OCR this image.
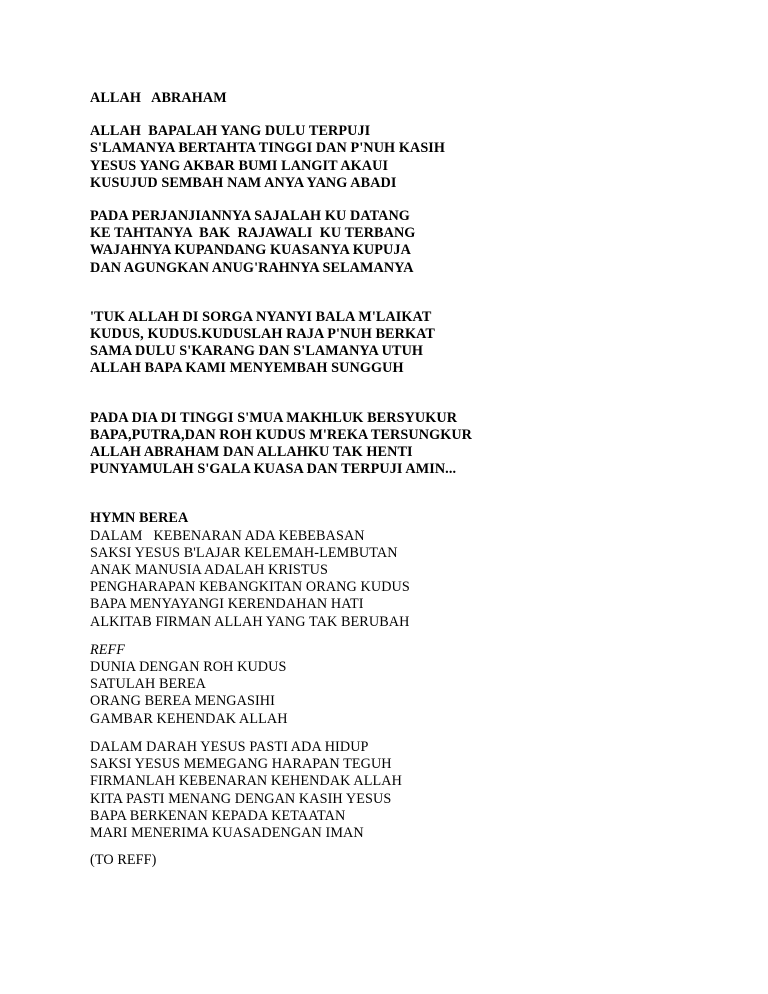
ALLAH   ABRAHAM
ALLAH  BAPALAH YANG DULU TERPUJI
S'LAMANYA BERTAHTA TINGGI DAN P'NUH KASIH
YESUS YANG AKBAR BUMI LANGIT AKAUI
KUSUJUD SEMBAH NAM ANYA YANG ABADI
PADA PERJANJIANNYA SAJALAH KU DATANG
KE TAHTANYA  BAK  RAJAWALI  KU TERBANG
WAJAHNYA KUPANDANG KUASANYA KUPUJA
DAN AGUNGKAN ANUG'RAHNYA SELAMANYA
'TUK ALLAH DI SORGA NYANYI BALA M'LAIKAT
KUDUS, KUDUS.KUDUSLAH RAJA P'NUH BERKAT
SAMA DULU S'KARANG DAN S'LAMANYA UTUH
ALLAH BAPA KAMI MENYEMBAH SUNGGUH
PADA DIA DI TINGGI S'MUA MAKHLUK BERSYUKUR
BAPA,PUTRA,DAN ROH KUDUS M'REKA TERSUNGKUR
ALLAH ABRAHAM DAN ALLAHKU TAK HENTI
PUNYAMULAH S'GALA KUASA DAN TERPUJI AMIN...
HYMN BEREA
DALAM   KEBENARAN ADA KEBEBASAN
SAKSI YESUS B'LAJAR KELEMAH-LEMBUTAN
ANAK MANUSIA ADALAH KRISTUS
PENGHARAPAN KEBANGKITAN ORANG KUDUS
BAPA MENYAYANGI KERENDAHAN HATI
ALKITAB FIRMAN ALLAH YANG TAK BERUBAH
REFF
DUNIA DENGAN ROH KUDUS
SATULAH BEREA
ORANG BEREA MENGASIHI
GAMBAR KEHENDAK ALLAH
DALAM DARAH YESUS PASTI ADA HIDUP
SAKSI YESUS MEMEGANG HARAPAN TEGUH
FIRMANLAH KEBENARAN KEHENDAK ALLAH
KITA PASTI MENANG DENGAN KASIH YESUS
BAPA BERKENAN KEPADA KETAATAN
MARI MENERIMA KUASADENGAN IMAN
(TO REFF)
